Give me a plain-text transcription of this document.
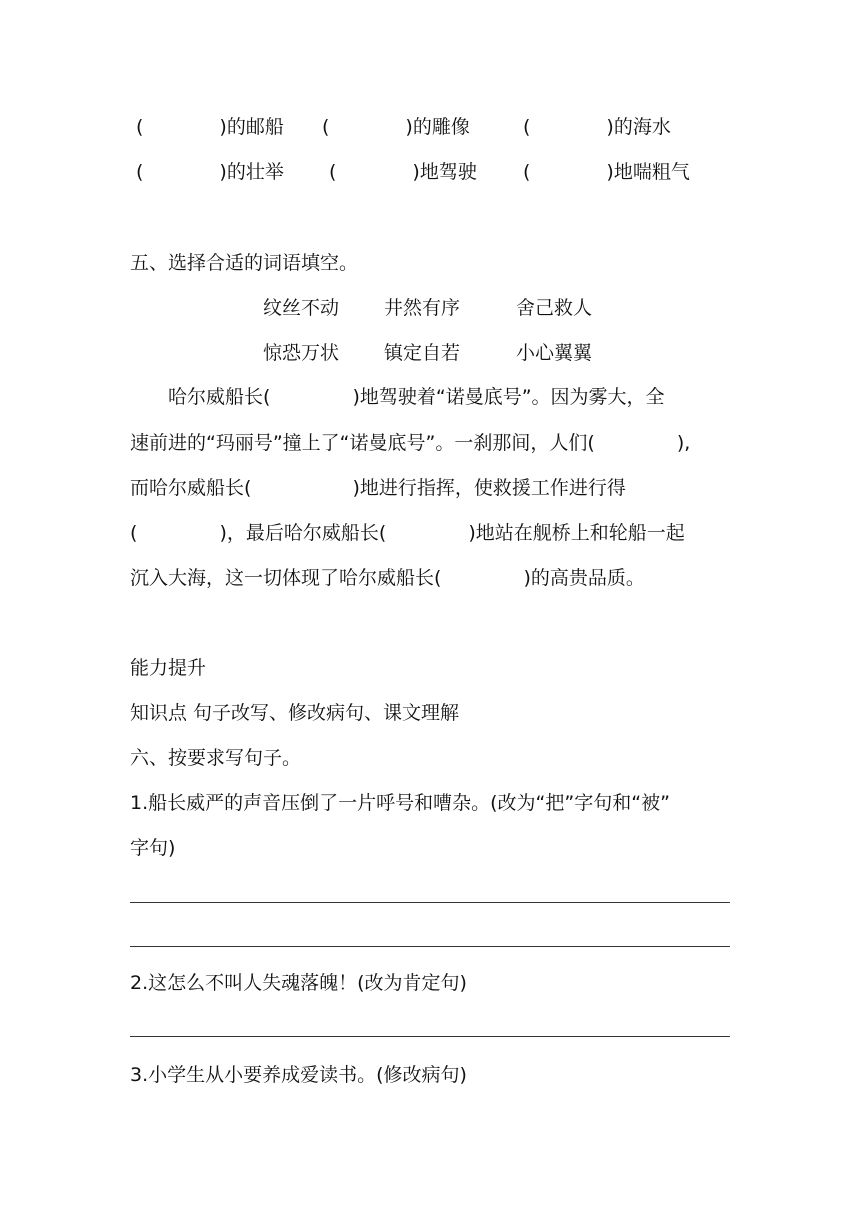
(    )的邮船 (    )的雕像	(    )的海水
(    )的壮举 (    )地驾驶 (    )地喘粗气
五、选择合适的词语填空。
纹丝不动 井然有序	舍己救人
惊恐万状 镇定自若	小心翼翼
  哈尔威船长(     )地驾驶着“诺曼底号”。因为雾大，全
速前进的“玛丽号”撞上了“诺曼底号”。一刹那间，人们(     ),
而哈尔威船长(      )地进行指挥，使救援工作进行得
(     )，最后哈尔威船长(     )地站在舰桥上和轮船一起
沉入大海，这一切体现了哈尔威船长(     )的高贵品质。
能力提升
知识点 句子改写、修改病句、课文理解
六、按要求写句子。
1.船长威严的声音压倒了一片呼号和嘈杂。(改为“把”字句和“被”
字句)
2.这怎么不叫人失魂落魄！(改为肯定句)
3.小学生从小要养成爱读书。(修改病句)
